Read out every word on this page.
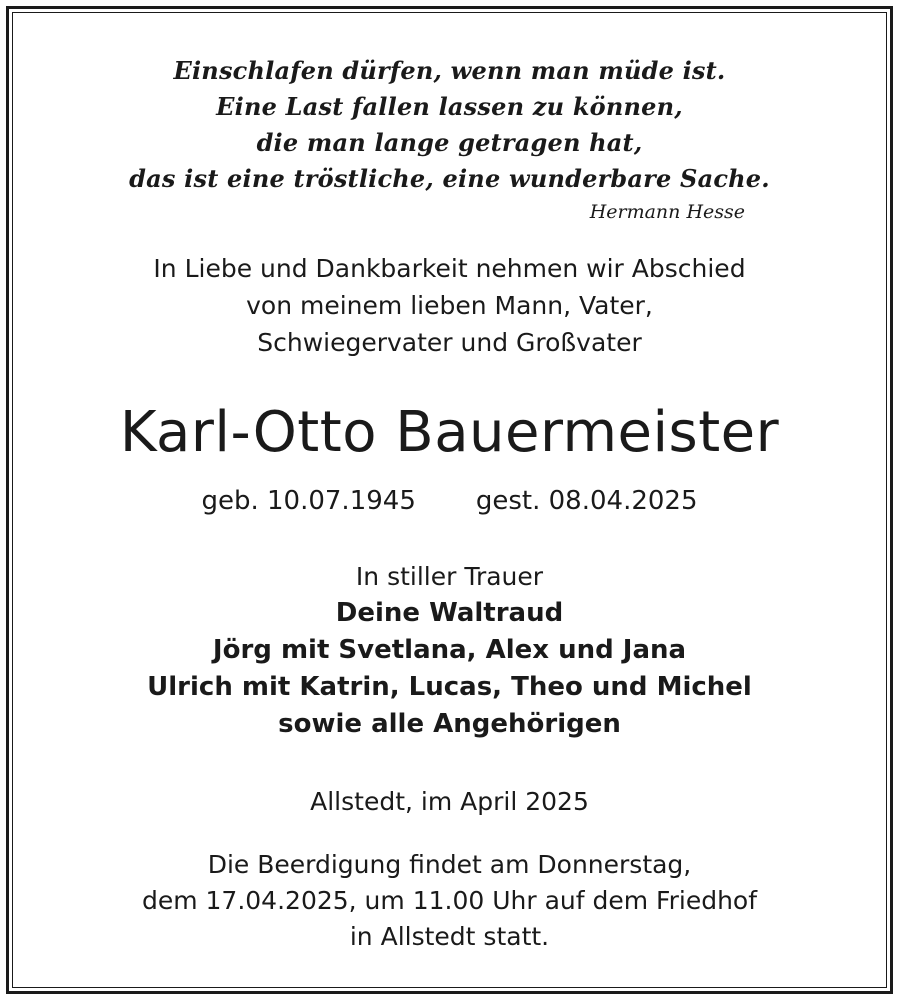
Einschlafen dürfen, wenn man müde ist.
Eine Last fallen lassen zu können,
die man lange getragen hat,
das ist eine tröstliche, eine wunderbare Sache.
Hermann Hesse
In Liebe und Dankbarkeit nehmen wir Abschied
von meinem lieben Mann, Vater,
Schwiegervater und Großvater
Karl-Otto Bauermeister
geb. 10.07.1945 gest. 08.04.2025
In stiller Trauer
Deine Waltraud
Jörg mit Svetlana, Alex und Jana
Ulrich mit Katrin, Lucas, Theo und Michel
sowie alle Angehörigen
Allstedt, im April 2025
Die Beerdigung findet am Donnerstag,
dem 17.04.2025, um 11.00 Uhr auf dem Friedhof
in Allstedt statt.
